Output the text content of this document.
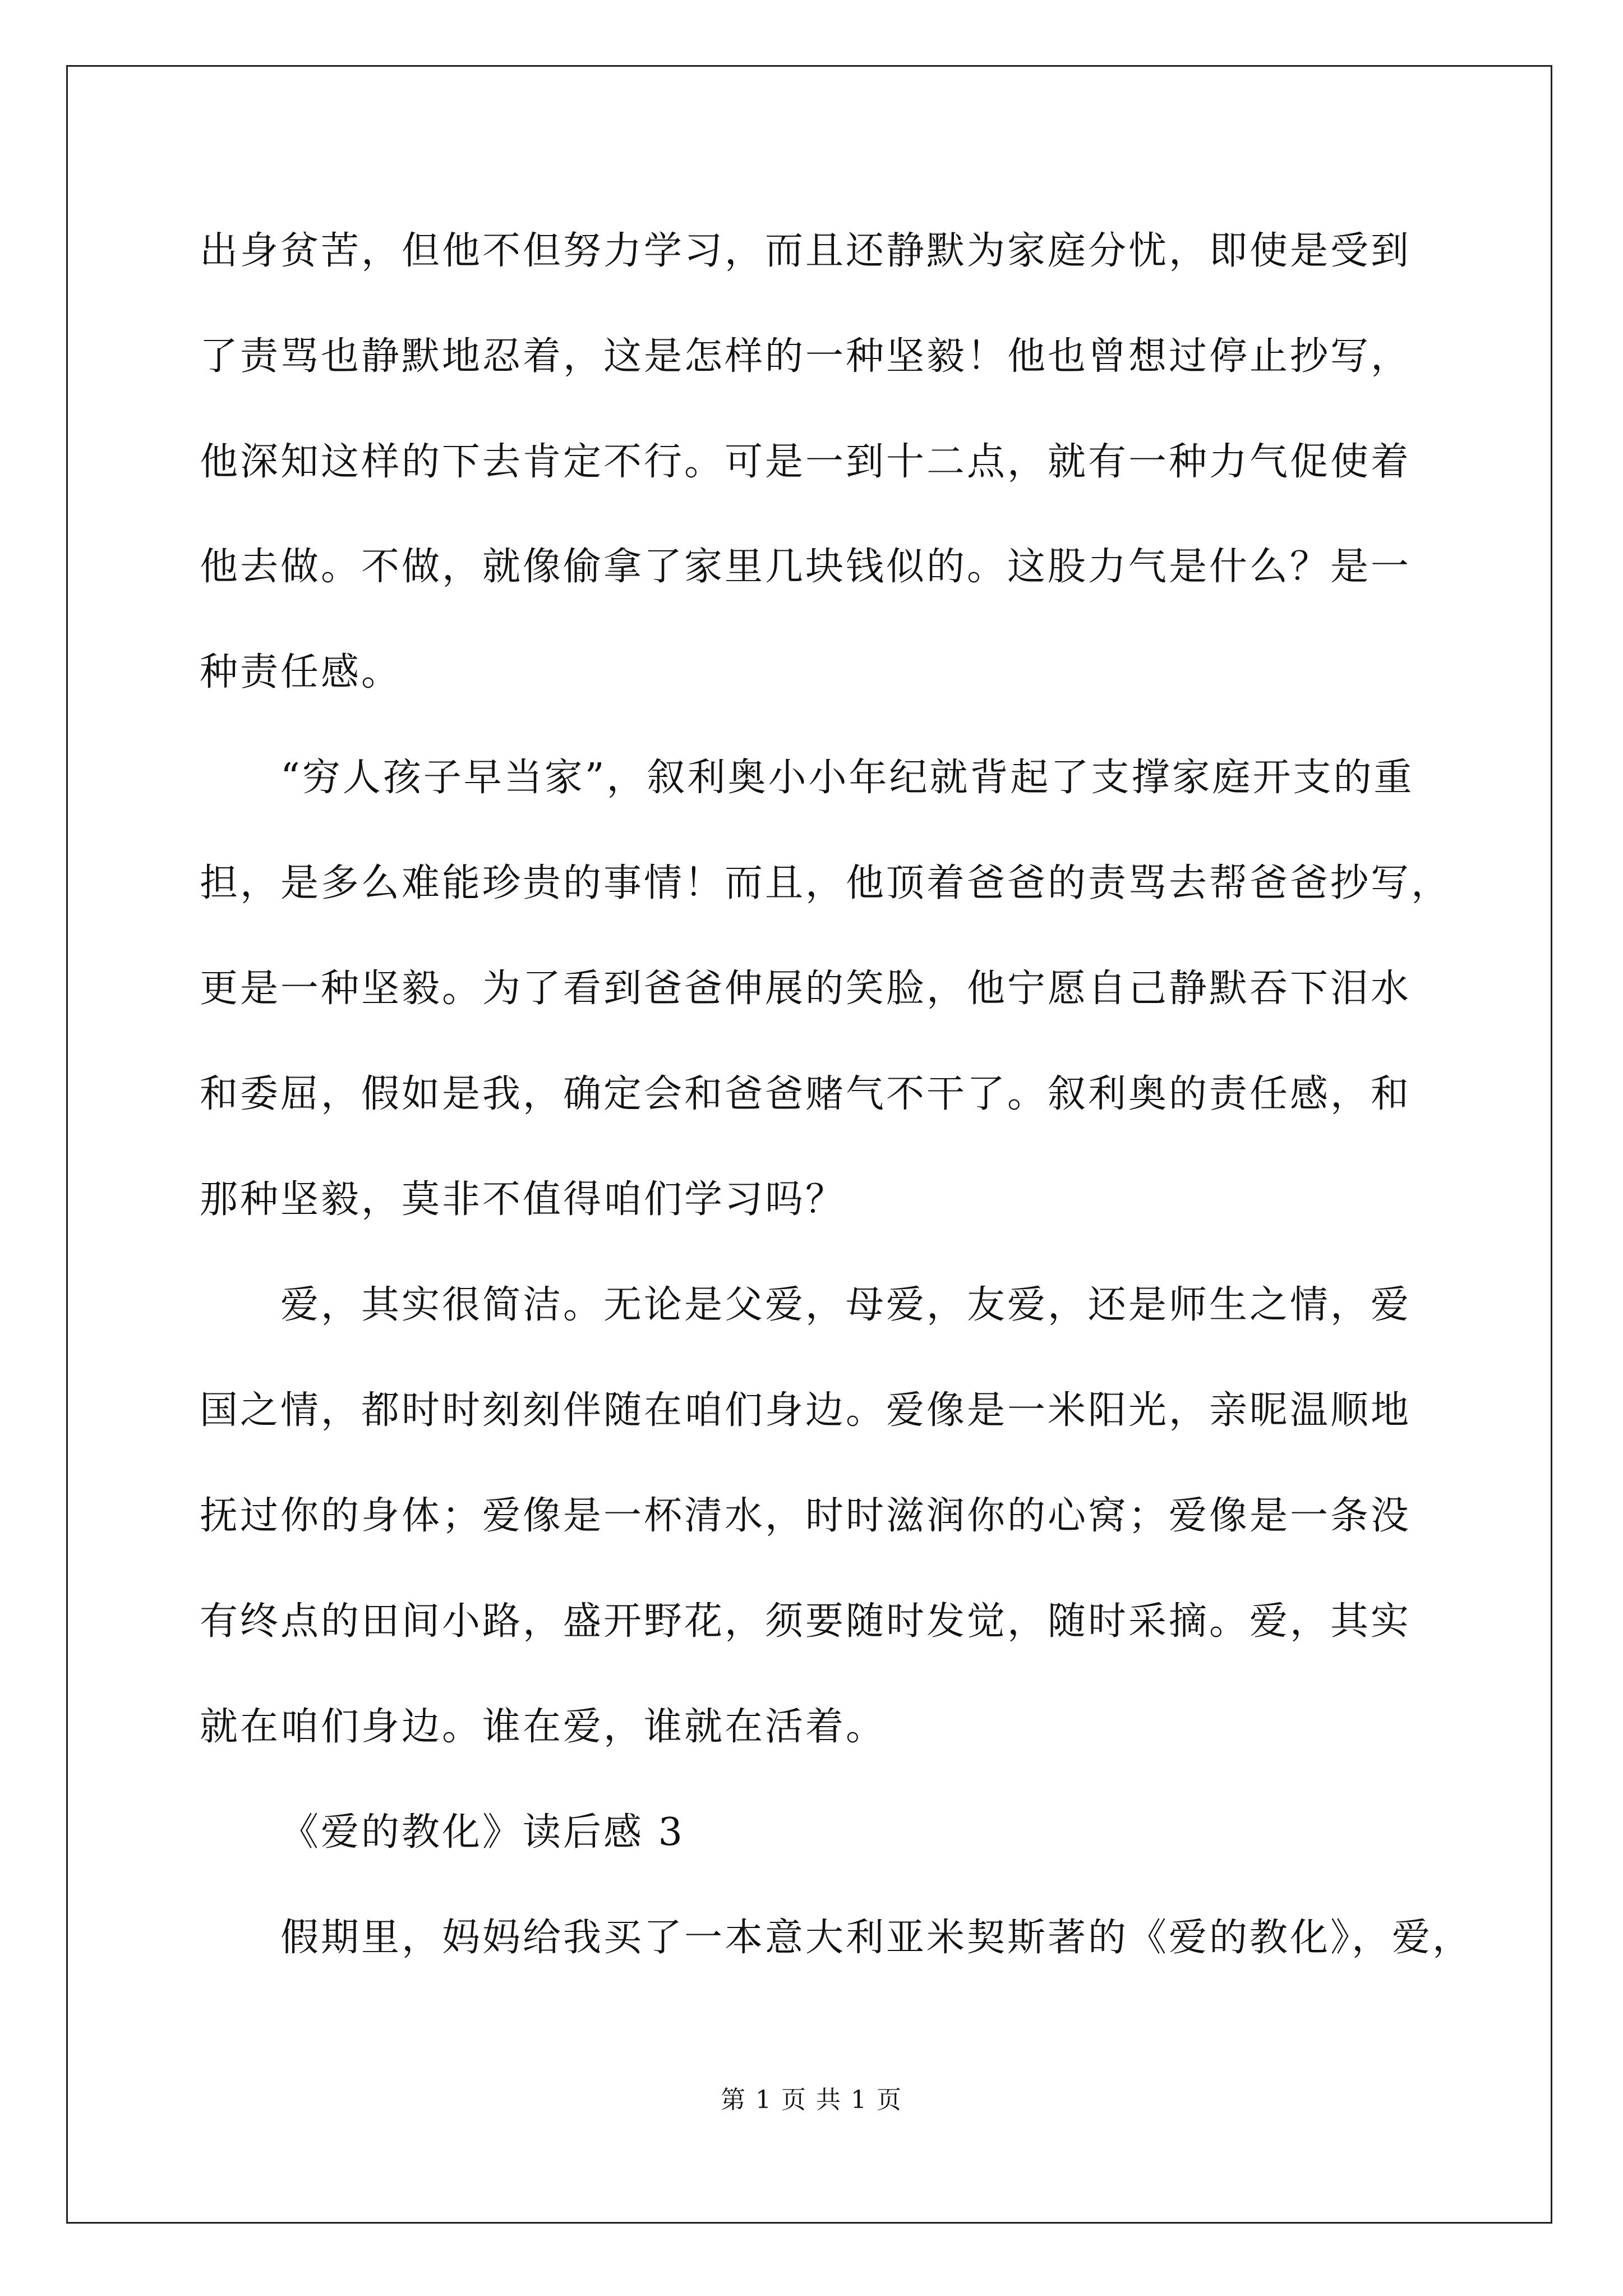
出身贫苦，但他不但努力学习，而且还静默为家庭分忧，即使是受到
了责骂也静默地忍着，这是怎样的一种坚毅！他也曾想过停止抄写，
他深知这样的下去肯定不行。可是一到十二点，就有一种力气促使着
他去做。不做，就像偷拿了家里几块钱似的。这股力气是什么？是一
种责任感。
“穷人孩子早当家”，叙利奥小小年纪就背起了支撑家庭开支的重
担，是多么难能珍贵的事情！而且，他顶着爸爸的责骂去帮爸爸抄写，
更是一种坚毅。为了看到爸爸伸展的笑脸，他宁愿自己静默吞下泪水
和委屈，假如是我，确定会和爸爸赌气不干了。叙利奥的责任感，和
那种坚毅，莫非不值得咱们学习吗？
爱，其实很简洁。无论是父爱，母爱，友爱，还是师生之情，爱
国之情，都时时刻刻伴随在咱们身边。爱像是一米阳光，亲昵温顺地
抚过你的身体；爱像是一杯清水，时时滋润你的心窝；爱像是一条没
有终点的田间小路，盛开野花，须要随时发觉，随时采摘。爱，其实
就在咱们身边。谁在爱，谁就在活着。
《爱的教化》读后感 3
假期里，妈妈给我买了一本意大利亚米契斯著的《爱的教化》，爱，
第 1 页 共 1 页
